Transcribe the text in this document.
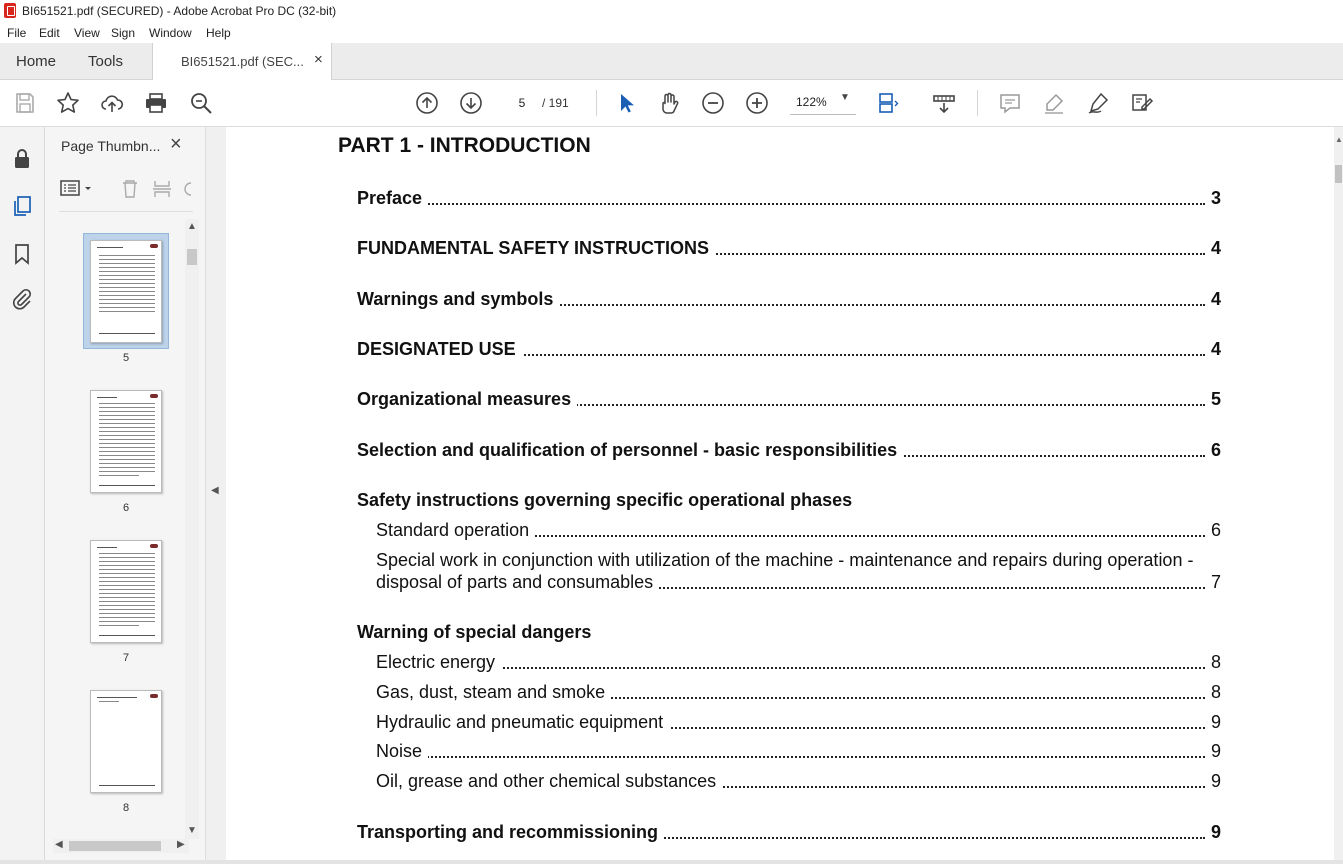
BI651521.pdf (SECURED) - Adobe Acrobat Pro DC (32-bit)
File Edit View Sign Window Help
Home Tools	BI651521.pdf (SEC... ×
5
/ 191	122% ▼
Page Thumbn... ×
5
6
7
8
▲
▼
◀	▶
◀
PART 1 - INTRODUCTION
Preface	3
FUNDAMENTAL SAFETY INSTRUCTIONS	4
Warnings and symbols	4
DESIGNATED USE	4
Organizational measures	5
Selection and qualification of personnel - basic responsibilities	6
Safety instructions governing specific operational phases
Standard operation	6
Special work in conjunction with utilization of the machine - maintenance and repairs during operation -
disposal of parts and consumables	7
Warning of special dangers
Electric energy	8
Gas, dust, steam and smoke	8
Hydraulic and pneumatic equipment	9
Noise	9
Oil, grease and other chemical substances	9
Transporting and recommissioning	9
▲
